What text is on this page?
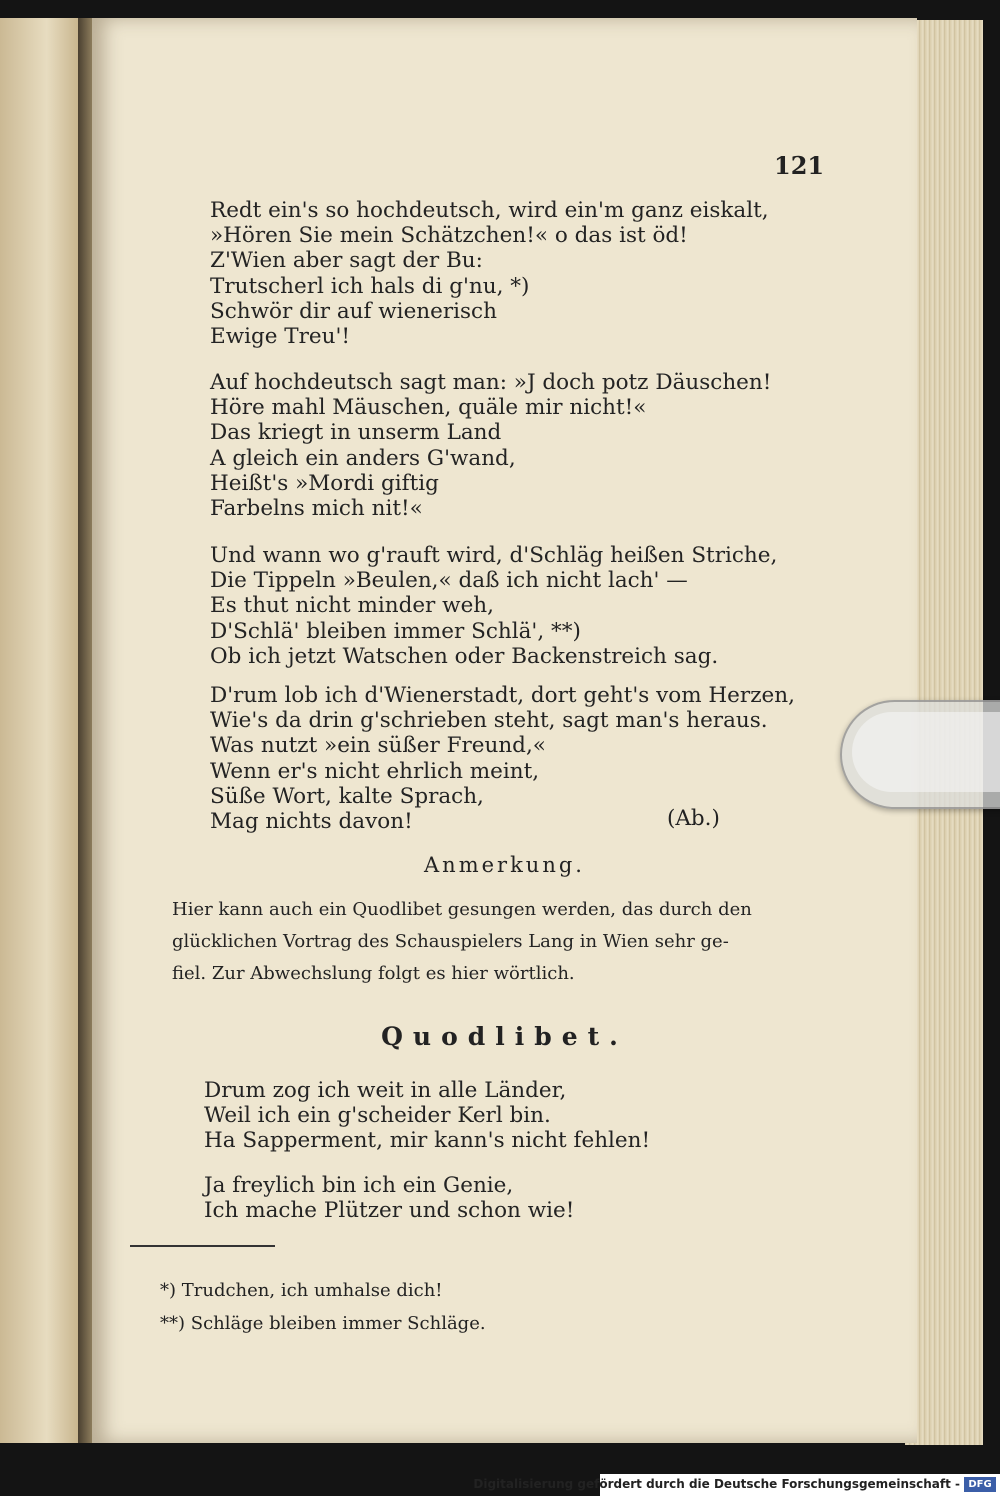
121
Redt ein's so hochdeutsch, wird ein'm ganz eiskalt,
»Hören Sie mein Schätzchen!« o das ist öd!
Z'Wien aber sagt der Bu:
Trutscherl ich hals di g'nu, *)
Schwör dir auf wienerisch
Ewige Treu'!
Auf hochdeutsch sagt man: »J doch potz Däuschen!
Höre mahl Mäuschen, quäle mir nicht!«
Das kriegt in unserm Land
A gleich ein anders G'wand,
Heißt's »Mordi giftig
Farbelns mich nit!«
Und wann wo g'rauft wird, d'Schläg heißen Striche,
Die Tippeln »Beulen,« daß ich nicht lach' —
Es thut nicht minder weh,
D'Schlä' bleiben immer Schlä', **)
Ob ich jetzt Watschen oder Backenstreich sag.
D'rum lob ich d'Wienerstadt, dort geht's vom Herzen,
Wie's da drin g'schrieben steht, sagt man's heraus.
Was nutzt »ein süßer Freund,«
Wenn er's nicht ehrlich meint,
Süße Wort, kalte Sprach,
Mag nichts davon!	(Ab.)
Anmerkung.
Hier kann auch ein Quodlibet gesungen werden, das durch den
glücklichen Vortrag des Schauspielers Lang in Wien sehr ge-
fiel. Zur Abwechslung folgt es hier wörtlich.
Quodlibet.
Drum zog ich weit in alle Länder,
Weil ich ein g'scheider Kerl bin.
Ha Sapperment, mir kann's nicht fehlen!
Ja freylich bin ich ein Genie,
Ich mache Plützer und schon wie!
*) Trudchen, ich umhalse dich!
**) Schläge bleiben immer Schläge.
Digitalisierung gefördert durch die Deutsche Forschungsgemeinschaft - DFG
